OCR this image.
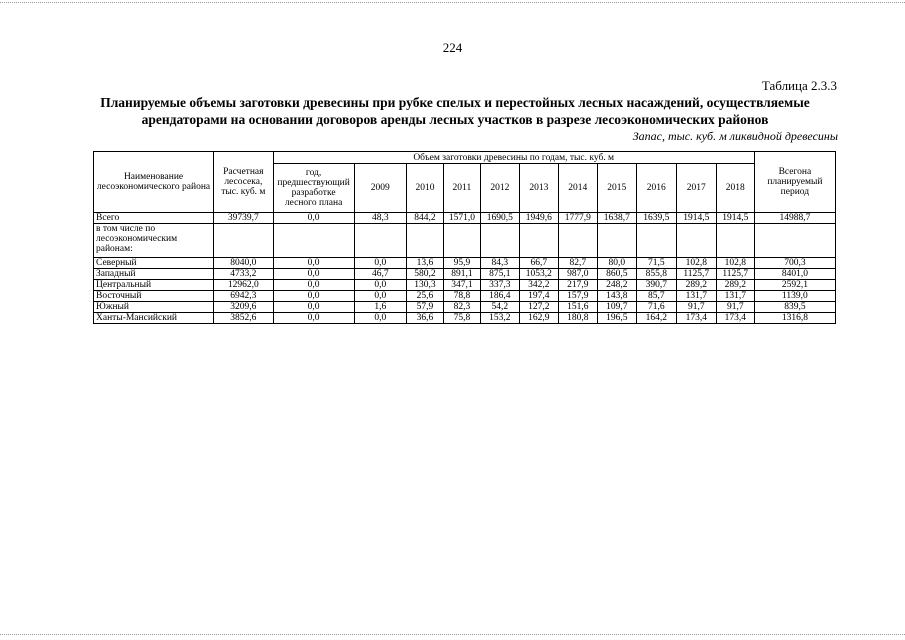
224
Таблица 2.3.3
Планируемые объемы заготовки древесины при рубке спелых и перестойных лесных насаждений, осуществляемые
арендаторами на основании договоров аренды лесных участков в разрезе лесоэкономических районов
Запас, тыс. куб. м ликвидной древесины
Наименование лесоэкономического района	Расчетная лесосека, тыс. куб. м	Объем заготовки древесины по годам, тыс. куб. м											Всегона планируемый период
		год, предшествующий разработке лесного плана	2009	2010	2011	2012	2013	2014	2015	2016	2017	2018	
Всего	39739,7	0,0	48,3	844,2	1571,0	1690,5	1949,6	1777,9	1638,7	1639,5	1914,5	1914,5	14988,7
в том числе по лесоэкономическим районам:													
Северный	8040,0	0,0	0,0	13,6	95,9	84,3	66,7	82,7	80,0	71,5	102,8	102,8	700,3
Западный	4733,2	0,0	46,7	580,2	891,1	875,1	1053,2	987,0	860,5	855,8	1125,7	1125,7	8401,0
Центральный	12962,0	0,0	0,0	130,3	347,1	337,3	342,2	217,9	248,2	390,7	289,2	289,2	2592,1
Восточный	6942,3	0,0	0,0	25,6	78,8	186,4	197,4	157,9	143,8	85,7	131,7	131,7	1139,0
Южный	3209,6	0,0	1,6	57,9	82,3	54,2	127,2	151,6	109,7	71,6	91,7	91,7	839,5
Ханты-Мансийский	3852,6	0,0	0,0	36,6	75,8	153,2	162,9	180,8	196,5	164,2	173,4	173,4	1316,8
